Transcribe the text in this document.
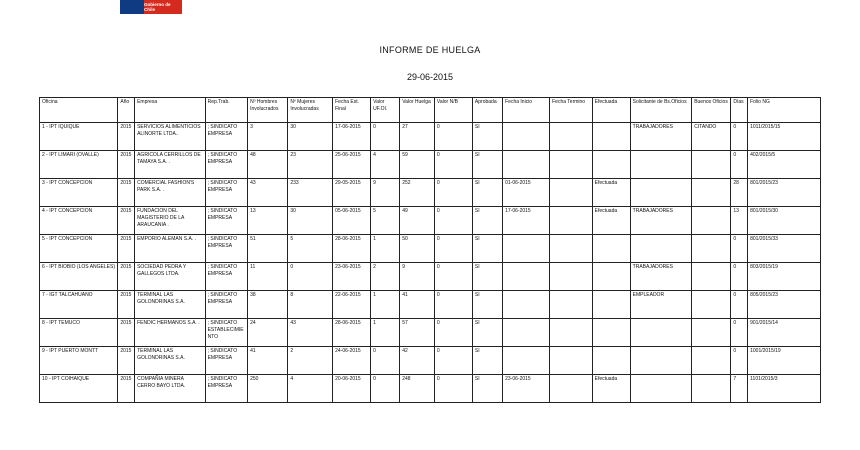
Gobierno de Chile
INFORME DE HUELGA
29-06-2015
Oficina	Año	Empresa	Rep.Trab.	Nº Hombres Involucrados	Nº Mujeres Involucradas	Fecha Est. Final	Valor UF.OI.	Valor Huelga	Valor N/B	Aprobada	Fecha Inicio	Fecha Termino	Efectuada	Solicitante de Bs.Oficios	Buenos Oficios	Días	Folio NG
1 - IPT IQUIQUE	2015	SERVICIOS ALIMENTICIOS ALINORTE LTDA..	; SINDICATO EMPRESA	3	30	17-06-2015	0	27	0	SI				TRABAJADORES	CITANDO	0	1011/2015/15
2 - IPT LIMARI (OVALLE)	2015	AGRICOLA CERRILLOS DE TAMAYA S.A. .	; SINDICATO EMPRESA	48	23	25-06-2015	4	59	0	SI						0	402/2015/5
3 - IPT CONCEPCION	2015	COMERCIAL FASHION'S PARK S.A. .	; SINDICATO EMPRESA	43	233	29-05-2015	9	252	0	SI	01-06-2015		Efectuada			28	801/2015/23
4 - IPT CONCEPCION	2015	FUNDACION DEL MAGISTERIO DE LA ARAUCANIA .	; SINDICATO EMPRESA	13	30	05-06-2015	5	49	0	SI	17-06-2015		Efectuada	TRABAJADORES		13	801/2015/30
5 - IPT CONCEPCION	2015	EMPORIO ALEMAN S.A. .	; SINDICATO EMPRESA	51	5	28-06-2015	1	50	0	SI						0	801/2015/33
6 - IPT BIOBIO (LOS ANGELES)	2015	SOCIEDAD PEDRA Y GALLEGOS LTDA.	; SINDICATO EMPRESA	11	0	23-06-2015	2	9	0	SI				TRABAJADORES		0	803/2015/19
7 - IGT TALCAHUANO	2015	TERMINAL LAS GOLONDRINAS S.A.	; SINDICATO EMPRESA	38	8	22-06-2015	1	41	0	SI				EMPLEADOR		0	805/2015/23
8 - IPT TEMUCO	2015	FENDIC HERMANOS S.A. .	; SINDICATO ESTABLECIMIENTO	24	43	28-06-2015	1	57	0	SI						0	901/2015/14
9 - IPT PUERTO MONTT	2015	TERMINAL LAS GOLONDRINAS S.A.	; SINDICATO EMPRESA	41	2	24-06-2015	0	42	0	SI						0	1001/2015/19
10 - IPT COIHAIQUE	2015	COMPAÑIA MINERA CERRO BAYO LTDA.	; SINDICATO EMPRESA	250	4	20-06-2015	0	248	0	SI	23-06-2015		Efectuada			7	1101/2015/3
